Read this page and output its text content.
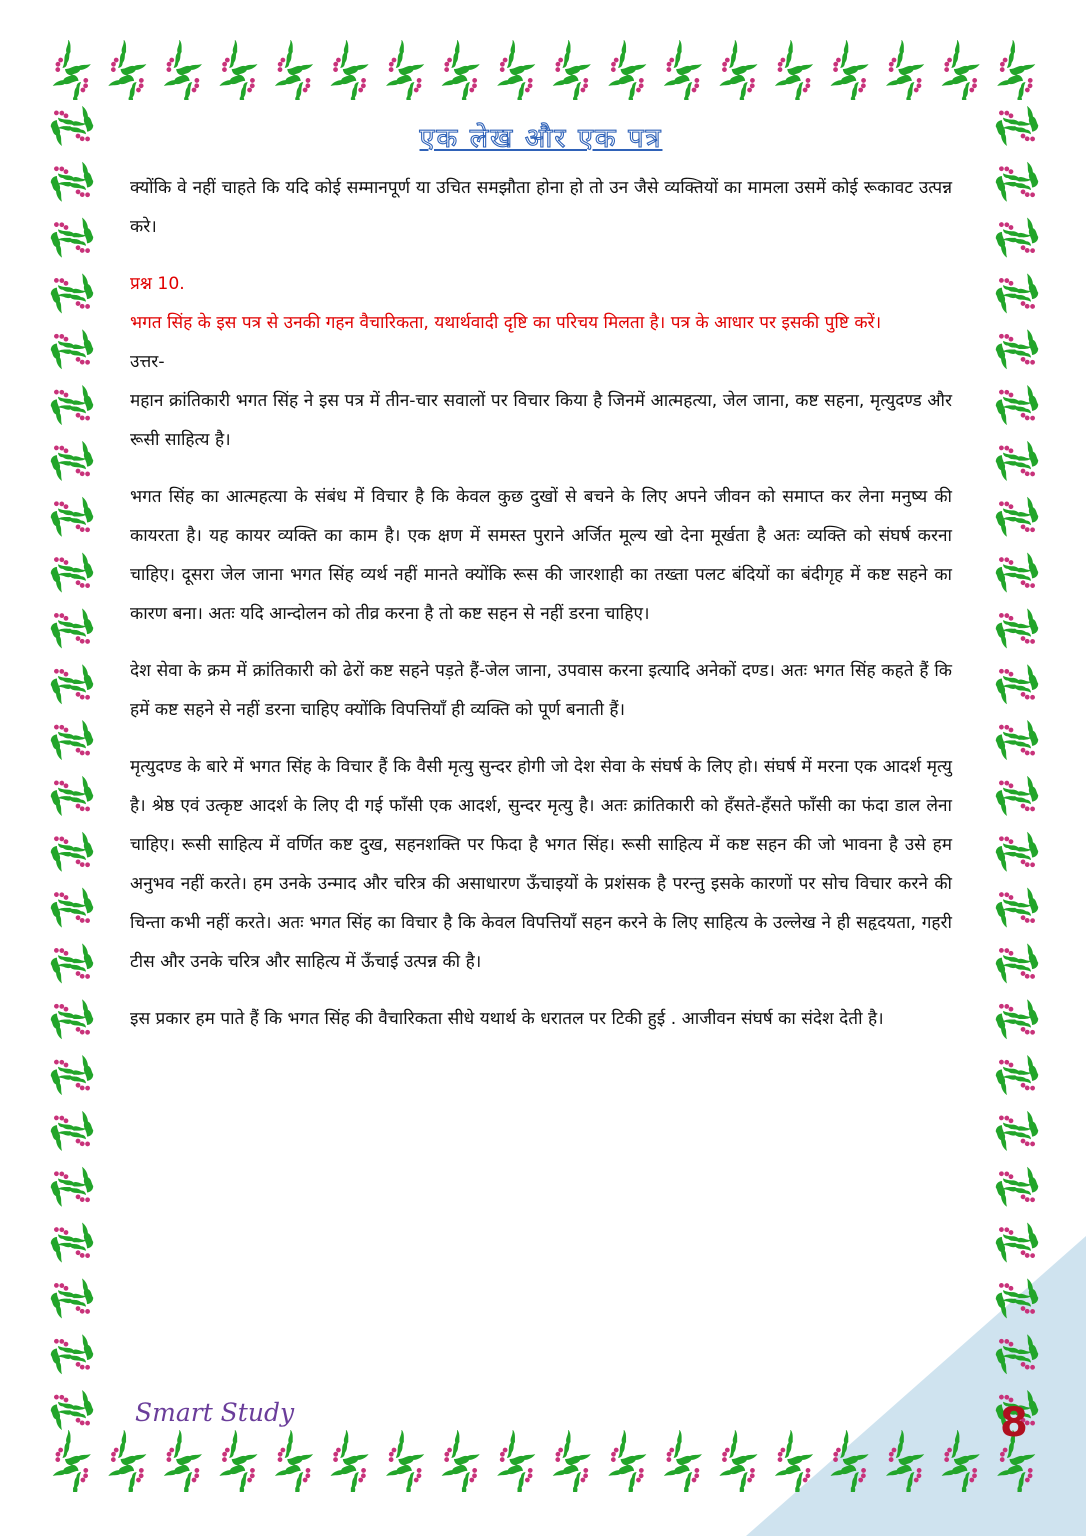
एक लेख और एक पत्र

क्योंकि वे नहीं चाहते कि यदि कोई सम्मानपूर्ण या उचित समझौता होना हो तो उन जैसे व्यक्तियों का मामला उसमें कोई रूकावट उत्पन्न करे।

प्रश्न 10.

भगत सिंह के इस पत्र से उनकी गहन वैचारिकता, यथार्थवादी दृष्टि का परिचय मिलता है। पत्र के आधार पर इसकी पुष्टि करें।

उत्तर-

महान क्रांतिकारी भगत सिंह ने इस पत्र में तीन-चार सवालों पर विचार किया है जिनमें आत्महत्या, जेल जाना, कष्ट सहना, मृत्युदण्ड और रूसी साहित्य है।

भगत सिंह का आत्महत्या के संबंध में विचार है कि केवल कुछ दुखों से बचने के लिए अपने जीवन को समाप्त कर लेना मनुष्य की कायरता है। यह कायर व्यक्ति का काम है। एक क्षण में समस्त पुराने अर्जित मूल्य खो देना मूर्खता है अतः व्यक्ति को संघर्ष करना चाहिए। दूसरा जेल जाना भगत सिंह व्यर्थ नहीं मानते क्योंकि रूस की जारशाही का तख्ता पलट बंदियों का बंदीगृह में कष्ट सहने का कारण बना। अतः यदि आन्दोलन को तीव्र करना है तो कष्ट सहन से नहीं डरना चाहिए।

देश सेवा के क्रम में क्रांतिकारी को ढेरों कष्ट सहने पड़ते हैं-जेल जाना, उपवास करना इत्यादि अनेकों दण्ड। अतः भगत सिंह कहते हैं कि हमें कष्ट सहने से नहीं डरना चाहिए क्योंकि विपत्तियाँ ही व्यक्ति को पूर्ण बनाती हैं।

मृत्युदण्ड के बारे में भगत सिंह के विचार हैं कि वैसी मृत्यु सुन्दर होगी जो देश सेवा के संघर्ष के लिए हो। संघर्ष में मरना एक आदर्श मृत्यु है। श्रेष्ठ एवं उत्कृष्ट आदर्श के लिए दी गई फाँसी एक आदर्श, सुन्दर मृत्यु है। अतः क्रांतिकारी को हँसते-हँसते फाँसी का फंदा डाल लेना चाहिए। रूसी साहित्य में वर्णित कष्ट दुख, सहनशक्ति पर फिदा है भगत सिंह। रूसी साहित्य में कष्ट सहन की जो भावना है उसे हम अनुभव नहीं करते। हम उनके उन्माद और चरित्र की असाधारण ऊँचाइयों के प्रशंसक है परन्तु इसके कारणों पर सोच विचार करने की चिन्ता कभी नहीं करते। अतः भगत सिंह का विचार है कि केवल विपत्तियाँ सहन करने के लिए साहित्य के उल्लेख ने ही सहृदयता, गहरी टीस और उनके चरित्र और साहित्य में ऊँचाई उत्पन्न की है।

इस प्रकार हम पाते हैं कि भगत सिंह की वैचारिकता सीधे यथार्थ के धरातल पर टिकी हुई . आजीवन संघर्ष का संदेश देती है।

Smart Study	8
